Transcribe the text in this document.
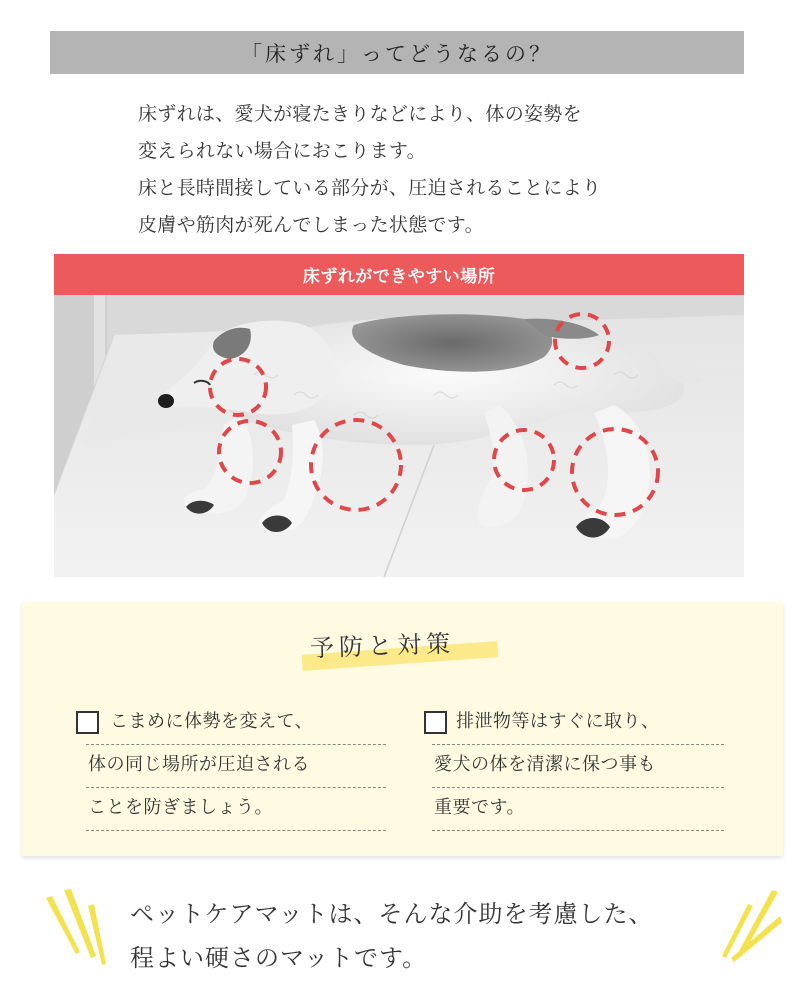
「床ずれ」ってどうなるの？

床ずれは、愛犬が寝たきりなどにより、体の姿勢を

変えられない場合におこります。

床と長時間接している部分が、圧迫されることにより

皮膚や筋肉が死んでしまった状態です。

床ずれができやすい場所
予防と対策
こまめに体勢を変えて、
体の同じ場所が圧迫される
ことを防ぎましょう。
排泄物等はすぐに取り、
愛犬の体を清潔に保つ事も
重要です。

ペットケアマットは、そんな介助を考慮した、

程よい硬さのマットです。
